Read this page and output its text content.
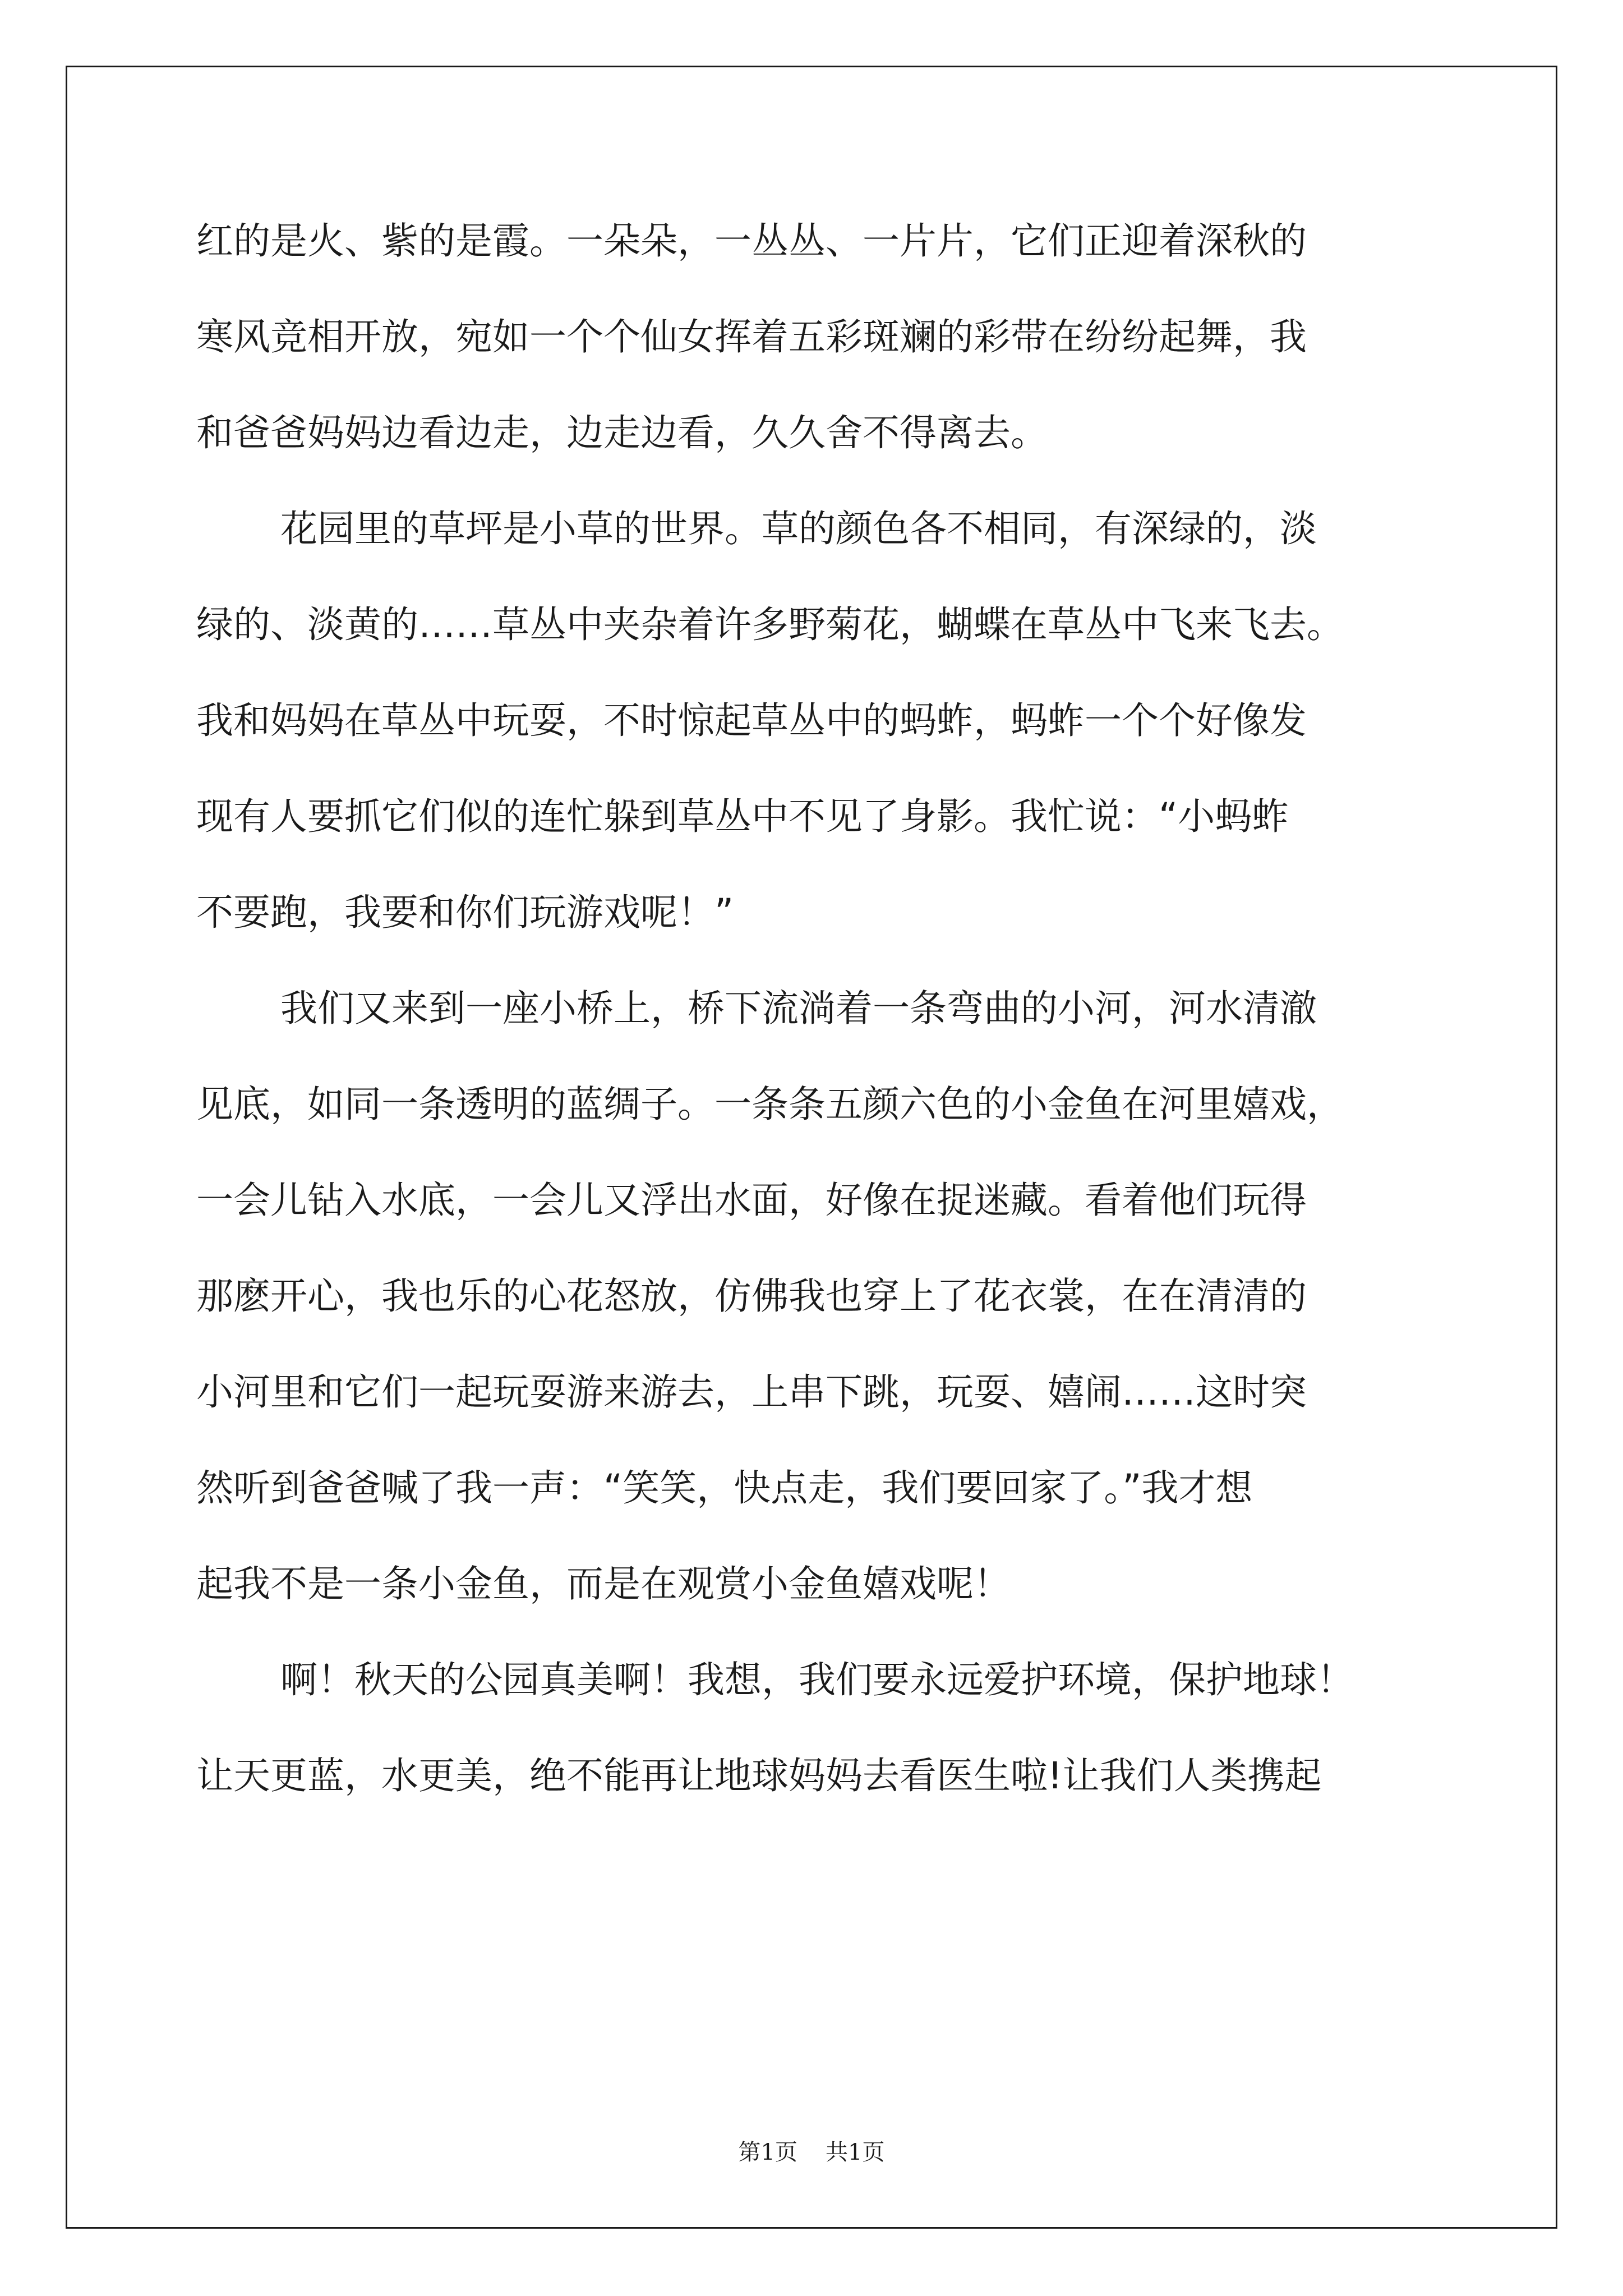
红的是火、紫的是霞。一朵朵，一丛丛、一片片，它们正迎着深秋的
寒风竞相开放，宛如一个个仙女挥着五彩斑斓的彩带在纷纷起舞，我
和爸爸妈妈边看边走，边走边看，久久舍不得离去。
花园里的草坪是小草的世界。草的颜色各不相同，有深绿的，淡
绿的、淡黄的……草丛中夹杂着许多野菊花，蝴蝶在草丛中飞来飞去。
我和妈妈在草丛中玩耍，不时惊起草丛中的蚂蚱，蚂蚱一个个好像发
现有人要抓它们似的连忙躲到草丛中不见了身影。我忙说：“小蚂蚱
不要跑，我要和你们玩游戏呢！”
我们又来到一座小桥上，桥下流淌着一条弯曲的小河，河水清澈
见底，如同一条透明的蓝绸子。一条条五颜六色的小金鱼在河里嬉戏，
一会儿钻入水底，一会儿又浮出水面，好像在捉迷藏。看着他们玩得
那麽开心，我也乐的心花怒放，仿佛我也穿上了花衣裳，在在清清的
小河里和它们一起玩耍游来游去，上串下跳，玩耍、嬉闹……这时突
然听到爸爸喊了我一声：“笑笑，快点走，我们要回家了。”我才想
起我不是一条小金鱼，而是在观赏小金鱼嬉戏呢！
啊！秋天的公园真美啊！我想，我们要永远爱护环境，保护地球！
让天更蓝，水更美，绝不能再让地球妈妈去看医生啦!让我们人类携起
第1页 共1页
